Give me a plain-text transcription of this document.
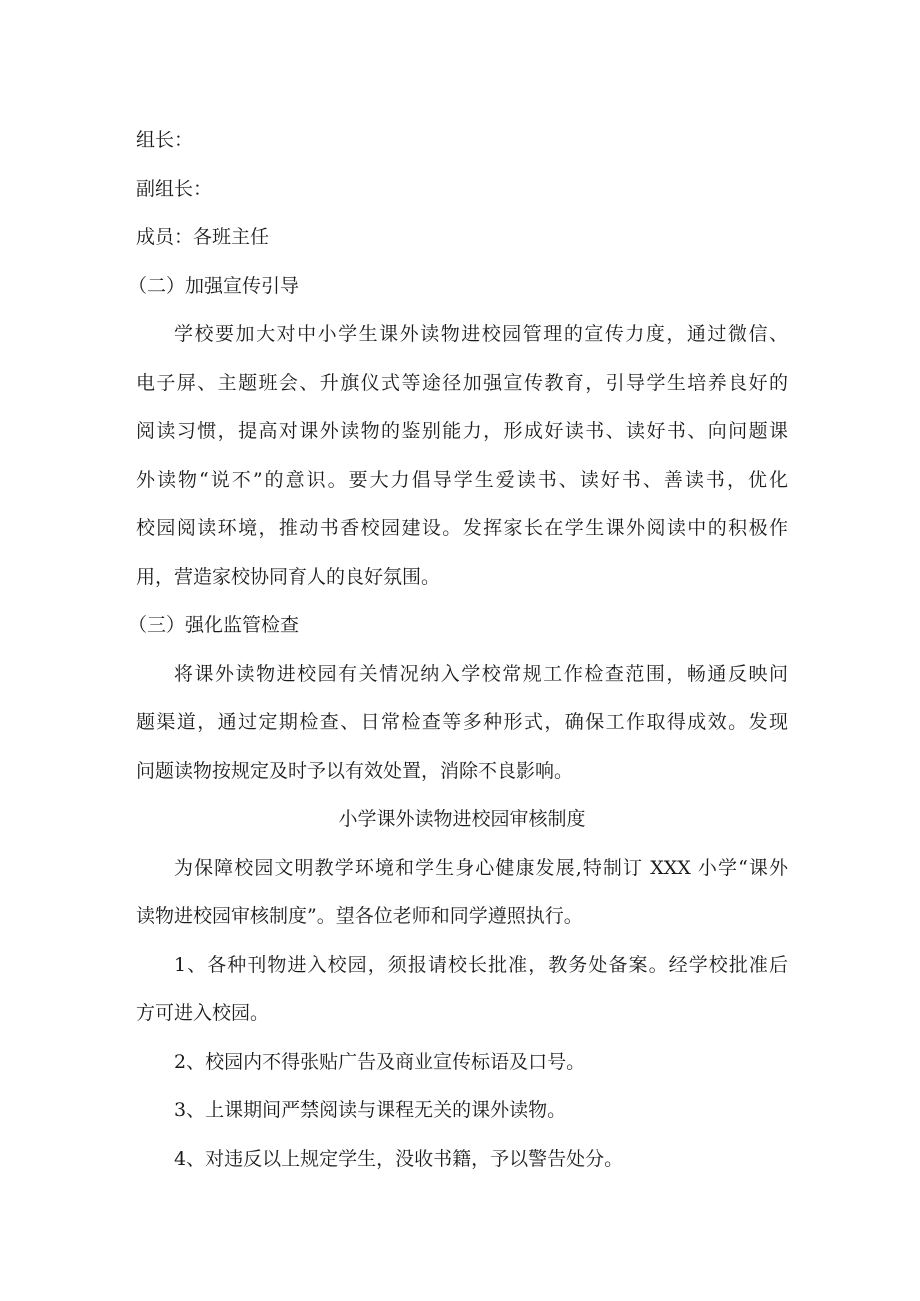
组长：
副组长：
成员：各班主任
（二）加强宣传引导
学校要加大对中小学生课外读物进校园管理的宣传力度，通过微信、
电子屏、主题班会、升旗仪式等途径加强宣传教育，引导学生培养良好的
阅读习惯，提高对课外读物的鉴别能力，形成好读书、读好书、向问题课
外读物“说不”的意识。要大力倡导学生爱读书、读好书、善读书，优化
校园阅读环境，推动书香校园建设。发挥家长在学生课外阅读中的积极作
用，营造家校协同育人的良好氛围。
（三）强化监管检查
将课外读物进校园有关情况纳入学校常规工作检查范围，畅通反映问
题渠道，通过定期检查、日常检查等多种形式，确保工作取得成效。发现
问题读物按规定及时予以有效处置，消除不良影响。
小学课外读物进校园审核制度
为保障校园文明教学环境和学生身心健康发展,特制订 XXX 小学“课外
读物进校园审核制度”。望各位老师和同学遵照执行。
1、各种刊物进入校园，须报请校长批准，教务处备案。经学校批准后
方可进入校园。
2、校园内不得张贴广告及商业宣传标语及口号。
3、上课期间严禁阅读与课程无关的课外读物。
4、对违反以上规定学生，没收书籍，予以警告处分。
